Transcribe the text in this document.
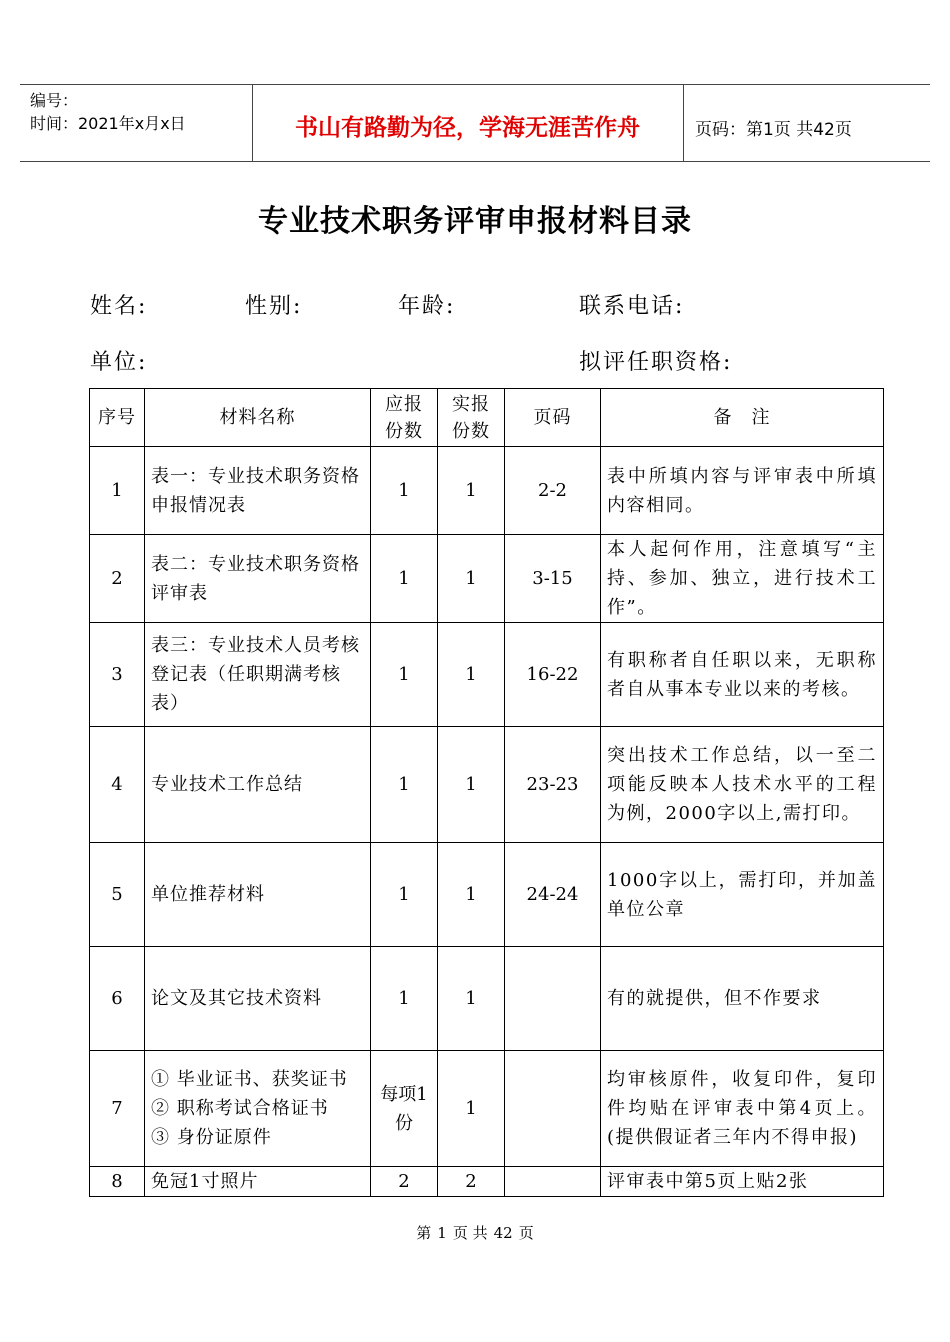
编号：
时间：2021年x月x日	书山有路勤为径，学海无涯苦作舟	页码：第1页 共42页
专业技术职务评审申报材料目录
姓名:	性别:	年龄:	联系电话:
单位:	拟评任职资格:
序号	材料名称	应报份数	实报份数	页码	备　注
1	表一：专业技术职务资格申报情况表	1	1	2-2	表中所填内容与评审表中所填内容相同。
2	表二：专业技术职务资格评审表	1	1	3-15	本人起何作用，注意填写“主持、参加、独立，进行技术工作”。
3	表三：专业技术人员考核登记表（任职期满考核表）	1	1	16-22	有职称者自任职以来，无职称者自从事本专业以来的考核。
4	专业技术工作总结	1	1	23-23	突出技术工作总结，以一至二项能反映本人技术水平的工程为例，2000字以上,需打印。
5	单位推荐材料	1	1	24-24	1000字以上，需打印，并加盖单位公章
6	论文及其它技术资料	1	1		有的就提供，但不作要求
7	① 毕业证书、获奖证书
② 职称考试合格证书
③ 身份证原件	每项1份	1		均审核原件，收复印件，复印件均贴在评审表中第4页上。(提供假证者三年内不得申报)
8	免冠1寸照片	2	2		评审表中第5页上贴2张
第 1 页 共 42 页
